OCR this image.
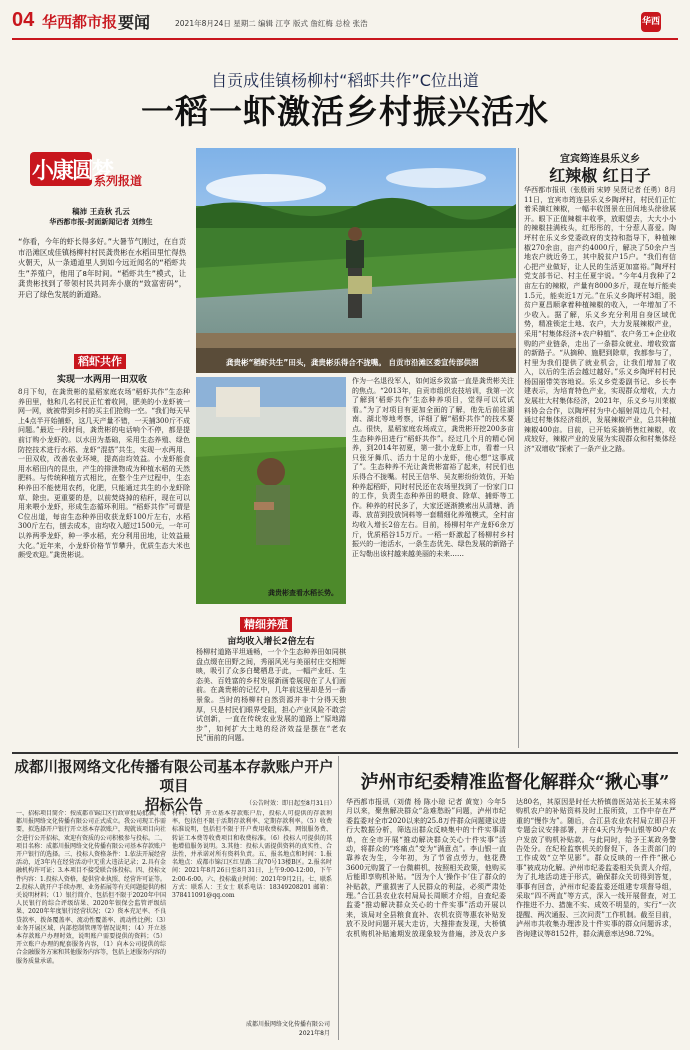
04 华西都市报 要闻	2021年8月24日 星期二 编辑 江亨 版式 詹红梅 总检 张浩	华西
自贡成佳镇杨柳村“稻虾共作”C位出道
一稻一虾激活乡村振兴活水
小康圆梦
系列报道
稿沛 王垚秋 孔云
华西都市报-封面新闻记者 刘炜生
“你看，今年的虾长得多好。”大暑节气刚过，在自贡市沿滩区成佳镇杨柳村村民龚贵彬在水稻田里忙得热火朝天，从一条通道里人到如今远近闻名的“稻虾共生”养殖户，他用了8年时间。“稻虾共生”模式，让龚贵彬找到了带领村民共同奔小康的“致富密码”，开启了绿色发展的新道路。
龚贵彬“稻虾共生”田头，龚贵彬乐得合不拢嘴。 自贡市沿滩区委宣传部供图
稻虾共作
实现一水两用一田双收
8月下旬，在龚贵彬的星稻家庭农场“稻虾共作”生态种养田里，他和几名村民正忙着收网，肥美的小龙虾被一网一网，就被带到乡村的买主们抢购一空。“我们每天早上4点半开始捕虾，这几天产量不错，一天捕300斤不成问题。”最近一段时间，龚贵彬的电话响个不停，都是提前订购小龙虾的。以水田为基础，采用生态养殖、绿色防控技术进行水稻、龙虾“混搭”共生，实现一水两用、一田双收，改善农业环境，提高亩均效益。小龙虾能食用水稻田内的昆虫，产生的排泄物成为种植水稻的天然肥料。与传统种植方式相比，在整个生产过程中，生态种养田不能使用农药，化肥，只能通过共生的小龙虾除草、除虫。更重要的是，以前焚烧掉的秸秆，现在可以用来喂小龙虾，形成生态循环利用。“稻虾共作”可谓是C位出道，每亩生态种养田收获龙虾100斤左右，水稻300斤左右，刨去成本，亩均收入超过1500元，一年可以养两季龙虾，种一季水稻，充分利用田地，让效益最大化。”近年来，小龙虾价格节节攀升，优质生态大米也颇受欢迎。”龚贵彬说。
龚贵彬查看水稻长势。
精细养殖
亩均收入增长2倍左右
杨柳村道路平坦通畅，一个个生态种养田如同棋盘点缀在田野之间，秀丽风光与美丽村庄交相辉映，吸引了众多白鹭栖息于此，一幅产业旺、生态美、百姓富的乡村发展新画卷展现在了人们面前。在龚贵彬的记忆中，几年前这里却是另一番景象。当时的杨柳村自然资源并非十分得天独厚，只是村民们眼界受阻，担心产业风险不敢尝试创新，一直在传统农业发展的道路上“原地踏步”，如何扩大土地的经济效益是摆在“老农民”面前的问题。
作为一名退役军人，如何返乡致富一直是龚贵彬关注的焦点。“2013年，自贡市组织农技培训，我第一次了解到‘稻虾共作’生态种养项目，觉得可以试试看。”为了对项目有更加全面的了解，他先后前往湖南、湖北等地考察，详细了解“稻虾共作”的技术要点。很快，星稻家庭农场成立，龚贵彬开挖200多亩生态种养田进行“稻虾共作”。经过几个月的精心饲养，到2014年初夏，第一批小龙虾上市，看着一只只张牙舞爪、活力十足的小龙虾，他心想“这事成了”。生态种养不光让龚贵彬富裕了起来，村民们也乐得合不拢嘴。村民王信华、吴友彬纷纷效仿，开始种养起稻虾，同时村民还在农场里找到了一份家门口的工作，负责生态种养田的喂食、除草、捕虾等工作。种养的村民多了，大家还逐渐摸索出从清塘、消毒、放苗到投放饲料等一套精细化养殖模式，全村亩均收入增长2倍左右。目前，杨柳村年产龙虾6余万斤，优质稻谷15万斤。一稻一虾激起了杨柳村乡村振兴的一池活水，一条生态优先、绿色发展的新路子正勾勒出该村越来越美丽的未来……
宜宾筠连县乐义乡
红辣椒 红日子
华西都市报讯（张殷雨 宋婷 吴贤记者 任勇）8月11日，宜宾市筠连县乐义乡陶坪村，村民们正忙着采摘红辣椒，一幅丰收图景在田间地头徐徐展开。眼下正值辣椒丰收季，放眼望去，大大小小的辣椒挂满枝头，红彤彤的，十分惹人喜爱。陶坪村在乐义乡党委政府的支持和指导下，种植辣椒270余亩，亩产约4000斤，解决了50余户当地农户就近务工，其中脱贫户15户。“我们有信心把产业做好，让人民的生活更加富裕。”陶坪村党支部书记、村主任夏宇说。“今年4月我种了2亩左右的辣椒，产量有8000多斤，现在每斤能卖1.5元，能卖近1万元。”在乐义乡陶坪村3组，脱贫户夏昌顺拿着种植辣椒的收入，一年增加了不少收入。据了解，乐义乡充分利用自身区域优势，精准锁定土地、农户，大力发展辣椒产业，采用“村集体经济+农户种植”、农户务工+企业收购的产业链条，走出了一条群众就业、增收致富的新路子。“从摘种、施肥到除草，我都参与了，村里为我们提供了就业机会，让我们增加了收入，以后的生活会越过越好。”乐义乡陶坪村村民杨国丽带笑容地说。乐义乡党委副书记、乡长李建表示，为培育特色产业，实现群众增收，大力发展壮大村集体经济，2021年，乐义乡与川茉椒料协会合作，以陶坪村为中心辐射周边几个村，通过村集体经济组织，发展辣椒产业，总共种植辣椒400亩。目前，已开始采摘销售红辣椒，收成较好，辣椒产业的发展为实现群众和村集体经济“双增收”探索了一条产业之路。
成都川报网络文化传播有限公司基本存款账户开户项目
招标公告	（公告时效：即日起至8月31日）
一、招标项目简介：按成都市锦江区行政审批局批准，成都川报网络文化传播有限公司正式成立。我公司现工作需要，拟选择开户银行开立基本存款账户，现就该项目向社会进行公开招标，欢迎有资质的公司积极参与投标。二、项目名称：成都川报网络文化传播有限公司基本存款账户开户银行的选择。三、投标人资格条件：1.依法开展经营活动，近3年内在经营活动中无重大违法记录；2.具有金融机构许可证；3.本项目不接受联合体投标。四、投标文件内容：1.投标人资格，提供营业执照、经营许可证等。2.投标人就开户手续办理、业务拓展等有关问题提供的相关说明材料；（1）银行简介、包括但不限于2020年中国人民银行的综合评级结果、2020年银保会监管评级结果、2020年年度银行经营状况；（2）资本充足率、不良贷款率、拨备覆盖率、流动性覆盖率、流动性比例；（3）业务开展区域、内部控制管理等情况说明；（4）开立基本存款账户办理时效，说明账户需要提供的资料；（5）开立账户办理的配套服务内容，（1）向本公司提供的综合金融服务方案和其他服务内容等，包括上述服务内容的服务质量承诺。
材料：（4）开立基本存款账户后，投标人可提供的存款利率，包括但不限于活期存款利率、定期存款利率。（5）收费标准说明，包括但不限于开户费用收费标准，网银服务费、转证工本费等收费项目和收费标准。（6）投标人可提供的其他增值服务说明。3.其他：投标人需提供资料的真实性、合法性，并承诺对所有资料负责。五、报名地点和时间：1.报名地点：成都市锦江区红星路二段70号13楼B区。2.报名时间：2021年8月26日至8月31日，上午9:00-12:00，下午2:00-6:00。六、投标截止时间：2021年9月2日。七、联系方式：联系人：王女士 联系电话：18349208201 邮箱：378411091@qq.com
成都川报网络文化传播有限公司
2021年8月
泸州市纪委精准监督化解群众“揪心事”
华西都市报讯（刘倩 杨 陈小琼 记者 黄宽）今年5月以来，聚焦解决群众“急难愁盼”问题，泸州市纪委监委对全市2020以来的25.8万件群众问题建议进行大数据分析，筛选出群众反映集中的十件实事清单，在全市开展“推动解决群众关心十件实事”活动，将群众的“疼痛点”变为“满意点”。李山银一直靠养农为生，今年初，为了节省点劳力，他花费3600元购置了一台微耕机，按照相关政策，他购买后能即享购机补贴。“因为个人‘操作卡’住了群众的补贴款，严重损害了人民群众的利益，必须严肃处理。”合江县农业农村局局长周顺才介绍，自查纪委监委“推动解决群众关心的十件实事”活动开展以来，该局对全县粮食直补、农机农资等惠农补贴发放不及时问题开展大走访，大搜排查发现，大桥镇农机购机补贴逾期发放现象较为普遍，涉及农户多达80名，其原因是时任大桥镇兽医站站长王某未将购机农户的补贴资料及时上报所致，工作中存在严重的“慢作为”。随后，合江县农业农村局立即召开专题会议安排部署，并在4天内为李山银等80户农户发放了购机补贴款。与此同时，给予王某政务警告处分。在纪检监察机关的督促下，各主责部门的工作成效“立竿见影”。群众反映的一件件“揪心事”被成功化解。泸州市纪委监委相关负责人介绍，为了扎地活动进于形式，确保群众关切得到答复，事事有回音，泸州市纪委监委还组建专项督导组，采取“四不两直”等方式，深入一线开展督查，对工作推进不力、措施不实、成效不明显的，实行“一次提醒、两次通报、三次问责”工作机制。截至目前，泸州市共收集办理涉及十件实事的群众问题诉求，咨询建议等8152件，群众满意率达98.72%。
